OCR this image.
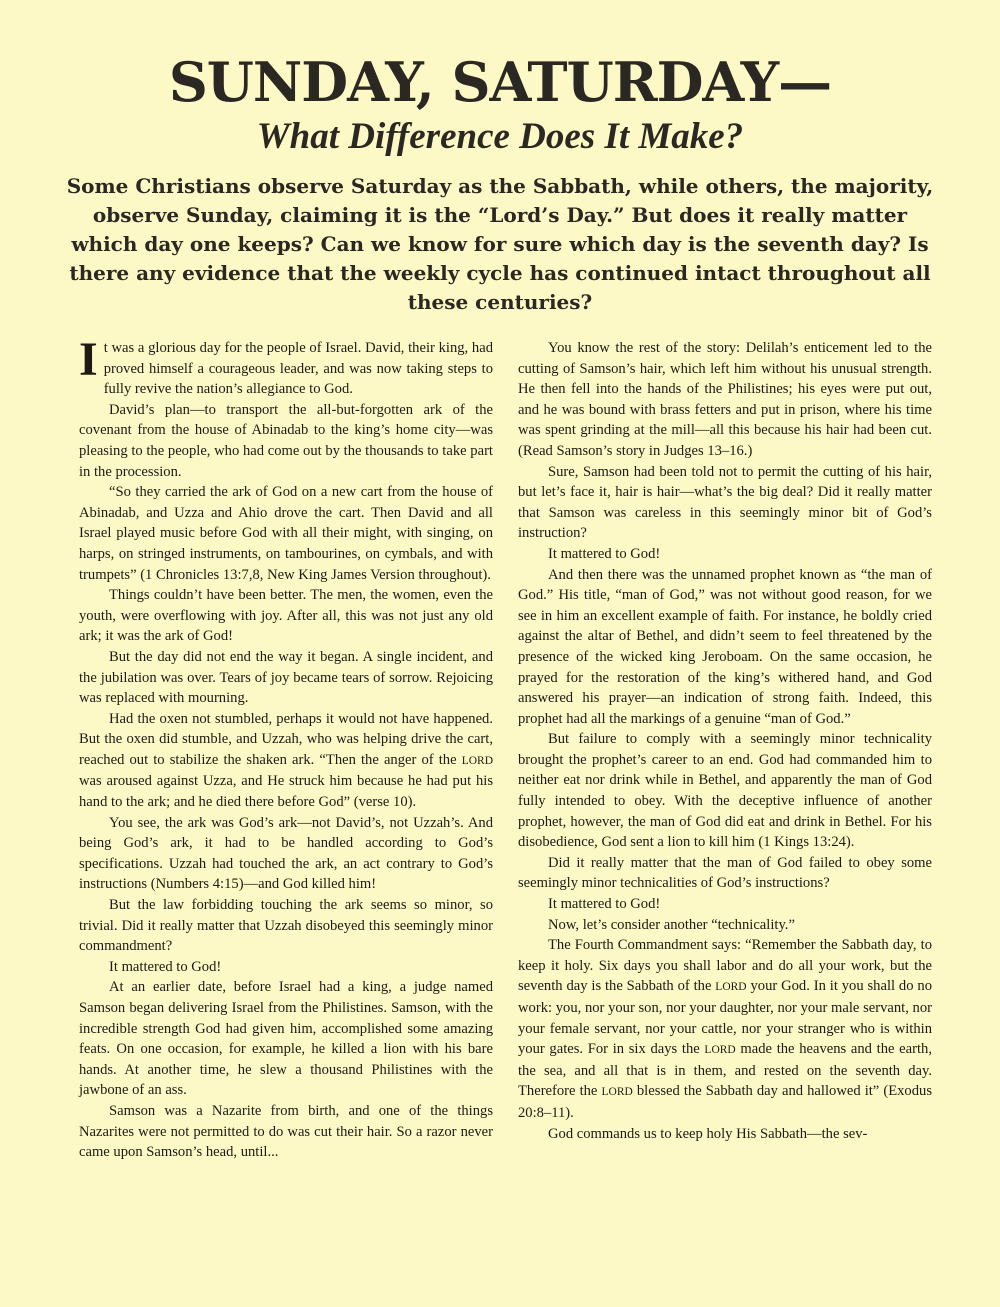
SUNDAY, SATURDAY—
What Difference Does It Make?

Some Christians observe Saturday as the Sabbath, while others, the majority, observe Sunday, claiming it is the “Lord’s Day.” But does it really matter which day one keeps? Can we know for sure which day is the seventh day? Is there any evidence that the weekly cycle has continued intact throughout all these centuries?

It was a glorious day for the people of Israel. David, their king, had proved himself a courageous leader, and was now taking steps to fully revive the nation’s allegiance to God.

David’s plan—to transport the all-but-forgotten ark of the covenant from the house of Abinadab to the king’s home city—was pleasing to the people, who had come out by the thousands to take part in the procession.

“So they carried the ark of God on a new cart from the house of Abinadab, and Uzza and Ahio drove the cart. Then David and all Israel played music before God with all their might, with singing, on harps, on stringed instruments, on tambourines, on cymbals, and with trumpets” (1 Chronicles 13:7,8, New King James Version throughout).

Things couldn’t have been better. The men, the women, even the youth, were overflowing with joy. After all, this was not just any old ark; it was the ark of God!

But the day did not end the way it began. A single incident, and the jubilation was over. Tears of joy became tears of sorrow. Rejoicing was replaced with mourning.

Had the oxen not stumbled, perhaps it would not have happened. But the oxen did stumble, and Uzzah, who was helping drive the cart, reached out to stabilize the shaken ark. “Then the anger of the LORD was aroused against Uzza, and He struck him because he had put his hand to the ark; and he died there before God” (verse 10).

You see, the ark was God’s ark—not David’s, not Uzzah’s. And being God’s ark, it had to be handled according to God’s specifications. Uzzah had touched the ark, an act contrary to God’s instructions (Numbers 4:15)—and God killed him!

But the law forbidding touching the ark seems so minor, so trivial. Did it really matter that Uzzah disobeyed this seemingly minor commandment?

It mattered to God!

At an earlier date, before Israel had a king, a judge named Samson began delivering Israel from the Philistines. Samson, with the incredible strength God had given him, accomplished some amazing feats. On one occasion, for example, he killed a lion with his bare hands. At another time, he slew a thousand Philistines with the jawbone of an ass.

Samson was a Nazarite from birth, and one of the things Nazarites were not permitted to do was cut their hair. So a razor never came upon Samson’s head, until...

You know the rest of the story: Delilah’s enticement led to the cutting of Samson’s hair, which left him without his unusual strength. He then fell into the hands of the Philistines; his eyes were put out, and he was bound with brass fetters and put in prison, where his time was spent grinding at the mill—all this because his hair had been cut. (Read Samson’s story in Judges 13–16.)

Sure, Samson had been told not to permit the cutting of his hair, but let’s face it, hair is hair—what’s the big deal? Did it really matter that Samson was careless in this seemingly minor bit of God’s instruction?

It mattered to God!

And then there was the unnamed prophet known as “the man of God.” His title, “man of God,” was not without good reason, for we see in him an excellent example of faith. For instance, he boldly cried against the altar of Bethel, and didn’t seem to feel threatened by the presence of the wicked king Jeroboam. On the same occasion, he prayed for the restoration of the king’s withered hand, and God answered his prayer—an indication of strong faith. Indeed, this prophet had all the markings of a genuine “man of God.”

But failure to comply with a seemingly minor technicality brought the prophet’s career to an end. God had commanded him to neither eat nor drink while in Bethel, and apparently the man of God fully intended to obey. With the deceptive influence of another prophet, however, the man of God did eat and drink in Bethel. For his disobedience, God sent a lion to kill him (1 Kings 13:24).

Did it really matter that the man of God failed to obey some seemingly minor technicalities of God’s instructions?

It mattered to God!

Now, let’s consider another “technicality.”

The Fourth Commandment says: “Remember the Sabbath day, to keep it holy. Six days you shall labor and do all your work, but the seventh day is the Sabbath of the LORD your God. In it you shall do no work: you, nor your son, nor your daughter, nor your male servant, nor your female servant, nor your cattle, nor your stranger who is within your gates. For in six days the LORD made the heavens and the earth, the sea, and all that is in them, and rested on the seventh day. Therefore the LORD blessed the Sabbath day and hallowed it” (Exodus 20:8–11).

God commands us to keep holy His Sabbath—the sev-
